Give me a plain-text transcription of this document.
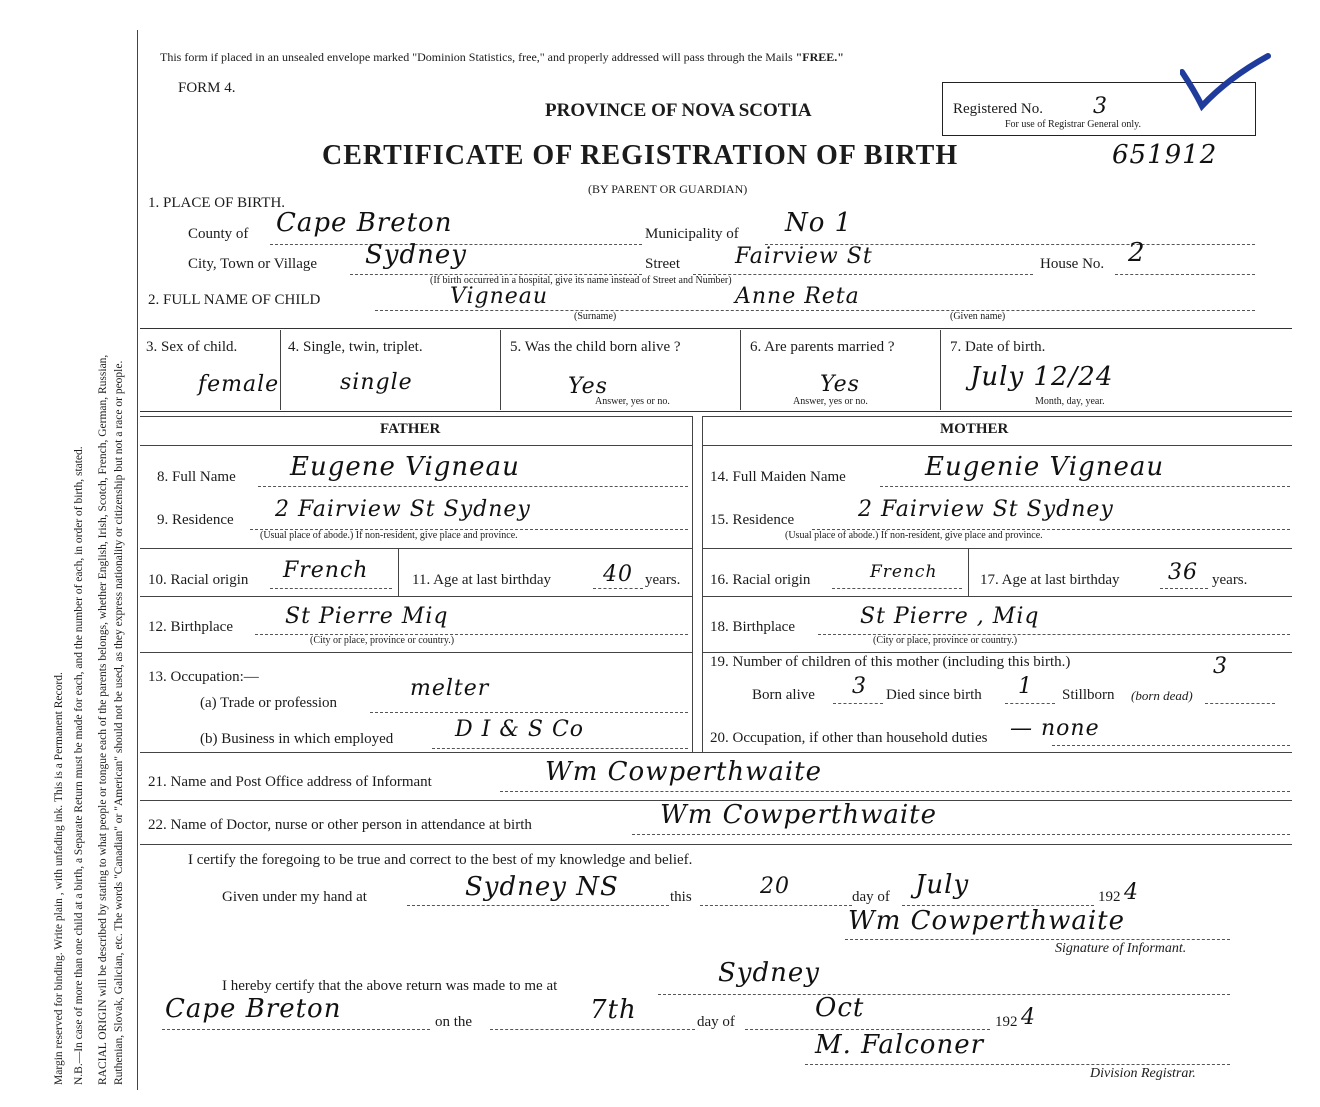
Margin reserved for binding. Write plain , with unfading ink. This is a Permanent Record. N.B.—In case of more than one child at a birth, a Separate Return must be made for each, and the number of each, in order of birth, stated. RACIAL ORIGIN will be described by stating to what people or tongue each of the parents belongs, whether English, Irish, Scotch, French, German, Russian, Ruthenian, Slovak, Galician, etc. The words "Canadian" or "American" should not be used, as they express nationality or citizenship but not a race or people.
This form if placed in an unsealed envelope marked "Dominion Statistics, free," and properly addressed will pass through the Mails "FREE."
FORM 4.
PROVINCE OF NOVA SCOTIA
CERTIFICATE OF REGISTRATION OF BIRTH
(BY PARENT OR GUARDIAN)
Registered No. 3
For use of Registrar General only.
651912
1. PLACE OF BIRTH.
County of Cape Breton	Municipality of No 1
City, Town or Village Sydney	Street	Fairview St	House No. 2
(If birth occurred in a hospital, give its name instead of Street and Number)
2. FULL NAME OF CHILD	Vigneau	Anne Reta
(Surname)	(Given name)
3. Sex of child.
female
4. Single, twin, triplet.
single
5. Was the child born alive ?
Yes
Answer, yes or no.
6. Are parents married ?
Yes
Answer, yes or no.
7. Date of birth.
July 12/24
Month, day, year.
FATHER	MOTHER
8. Full Name Eugene Vigneau
9. Residence 2 Fairview St Sydney
(Usual place of abode.) If non-resident, give place and province.
10. Racial origin French	11. Age at last birthday 40 years.
12. Birthplace St Pierre Miq
(City or place, province or country.)
13. Occupation:—
(a) Trade or profession
melter
(b) Business in which employed	D I & S Co
14. Full Maiden Name	Eugenie Vigneau
15. Residence	2 Fairview St Sydney
(Usual place of abode.) If non-resident, give place and province.
16. Racial origin	French	17. Age at last birthday 36 years.
18. Birthplace	St Pierre , Miq
(City or place, province or country.)
19. Number of children of this mother (including this birth.)	3
Born alive 3 Died since birth 1 Stillborn (born dead)
20. Occupation, if other than household duties — none
21. Name and Post Office address of Informant	Wm Cowperthwaite
22. Name of Doctor, nurse or other person in attendance at birth	Wm Cowperthwaite
I certify the foregoing to be true and correct to the best of my knowledge and belief.
Given under my hand at	Sydney NS	this	20	day of July	192 4
Wm Cowperthwaite
Signature of Informant.
I hereby certify that the above return was made to me at	Sydney
Cape Breton	on the	7th	day of	Oct	192 4
M. Falconer
Division Registrar.
